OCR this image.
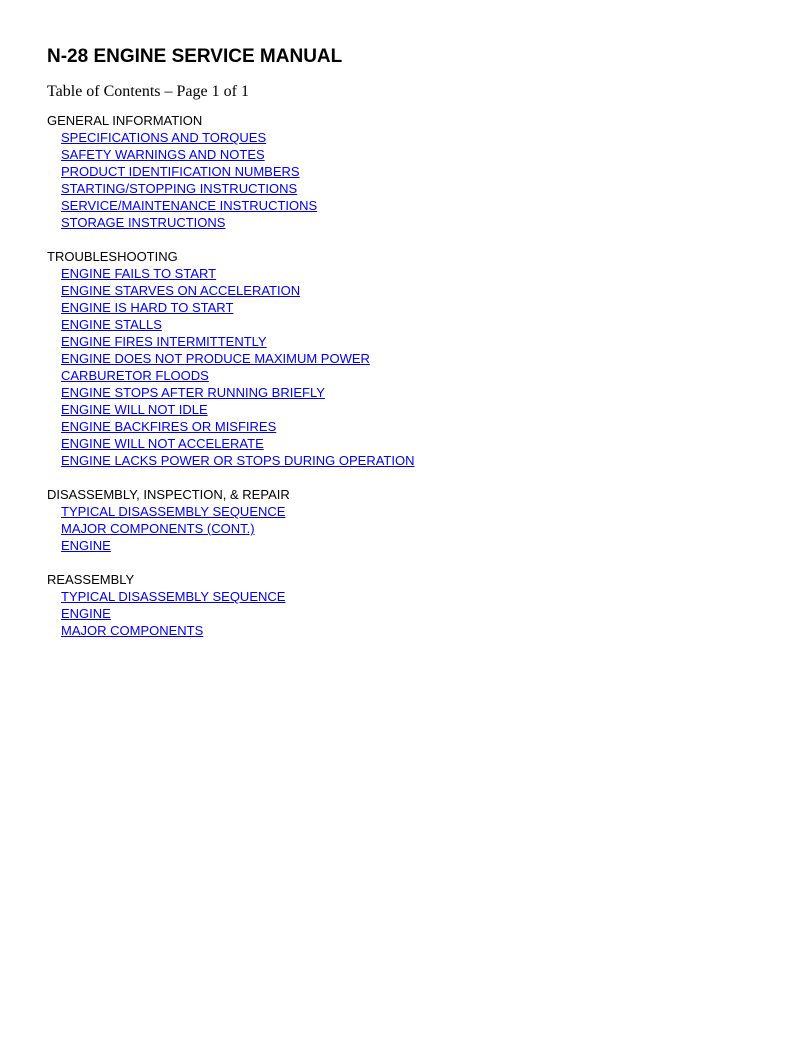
N-28 ENGINE SERVICE MANUAL
Table of Contents – Page 1 of 1
GENERAL INFORMATION
SPECIFICATIONS AND TORQUES
SAFETY WARNINGS AND NOTES
PRODUCT IDENTIFICATION NUMBERS
STARTING/STOPPING INSTRUCTIONS
SERVICE/MAINTENANCE INSTRUCTIONS
STORAGE INSTRUCTIONS
TROUBLESHOOTING
ENGINE FAILS TO START
ENGINE STARVES ON ACCELERATION
ENGINE IS HARD TO START
ENGINE STALLS
ENGINE FIRES INTERMITTENTLY
ENGINE DOES NOT PRODUCE MAXIMUM POWER
CARBURETOR FLOODS
ENGINE STOPS AFTER RUNNING BRIEFLY
ENGINE WILL NOT IDLE
ENGINE BACKFIRES OR MISFIRES
ENGINE WILL NOT ACCELERATE
ENGINE LACKS POWER OR STOPS DURING OPERATION
DISASSEMBLY, INSPECTION, & REPAIR
TYPICAL DISASSEMBLY SEQUENCE
MAJOR COMPONENTS (CONT.)
ENGINE
REASSEMBLY
TYPICAL DISASSEMBLY SEQUENCE
ENGINE
MAJOR COMPONENTS
